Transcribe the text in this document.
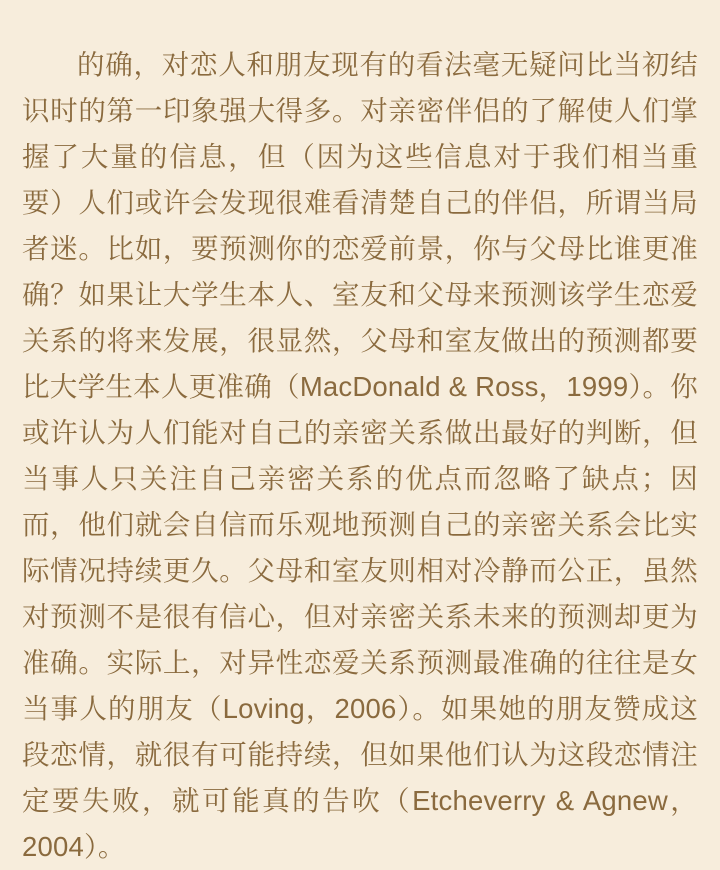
的确，对恋人和朋友现有的看法毫无疑问比当初结识时的第一印象强大得多。对亲密伴侣的了解使人们掌握了大量的信息，但（因为这些信息对于我们相当重要）人们或许会发现很难看清楚自己的伴侣，所谓当局者迷。比如，要预测你的恋爱前景，你与父母比谁更准确？如果让大学生本人、室友和父母来预测该学生恋爱关系的将来发展，很显然，父母和室友做出的预测都要比大学生本人更准确（MacDonald & Ross，1999）。你或许认为人们能对自己的亲密关系做出最好的判断，但当事人只关注自己亲密关系的优点而忽略了缺点；因而，他们就会自信而乐观地预测自己的亲密关系会比实际情况持续更久。父母和室友则相对冷静而公正，虽然对预测不是很有信心，但对亲密关系未来的预测却更为准确。实际上，对异性恋爱关系预测最准确的往往是女当事人的朋友（Loving，2006）。如果她的朋友赞成这段恋情，就很有可能持续，但如果他们认为这段恋情注定要失败，就可能真的告吹（Etcheverry & Agnew，2004）。
